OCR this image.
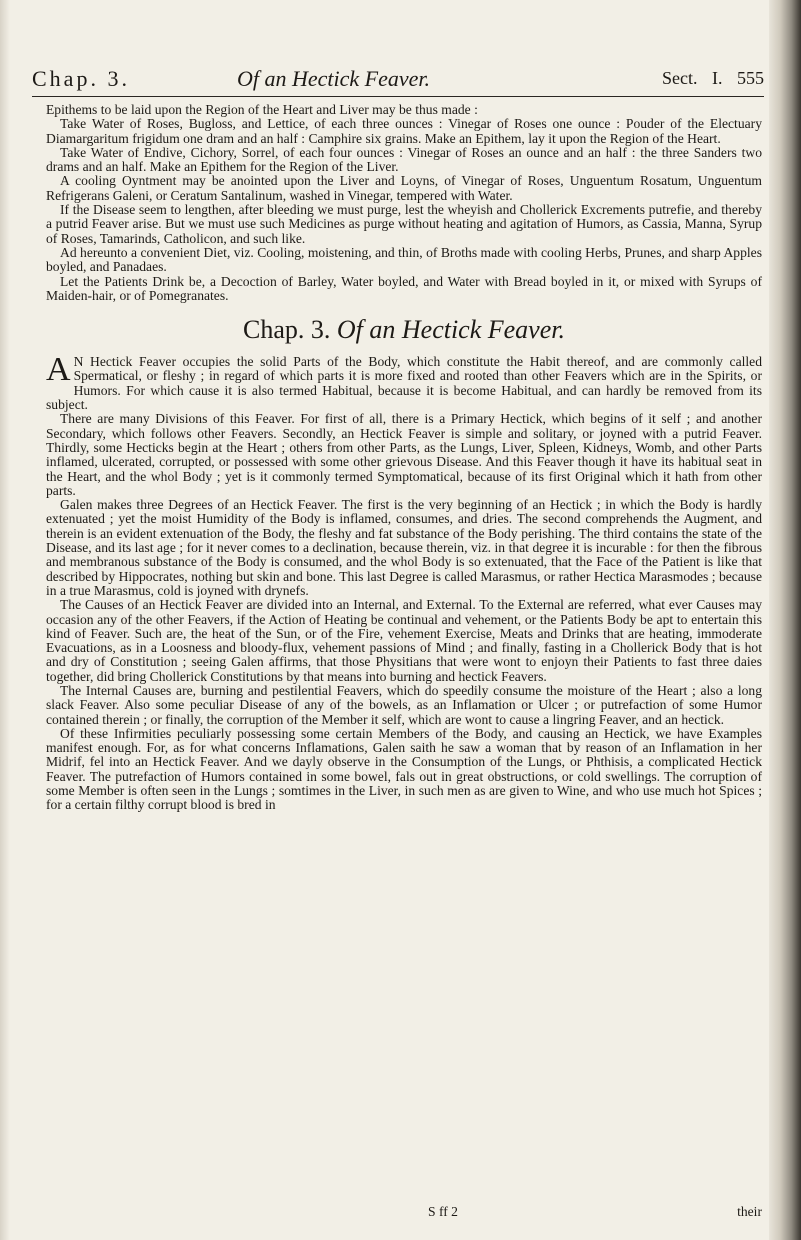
Chap. 3.	Of an Hectick Feaver.	Sect. I. 555

Epithems to be laid upon the Region of the Heart and Liver may be thus made :

Take Water of Roses, Bugloss, and Lettice, of each three ounces : Vinegar of Roses one ounce : Pouder of the Electuary Diamargaritum frigidum one dram and an half : Camphire six grains. Make an Epithem, lay it upon the Region of the Heart.

Take Water of Endive, Cichory, Sorrel, of each four ounces : Vinegar of Roses an ounce and an half : the three Sanders two drams and an half. Make an Epithem for the Region of the Liver.

A cooling Oyntment may be anointed upon the Liver and Loyns, of Vinegar of Roses, Unguentum Rosatum, Unguentum Refrigerans Galeni, or Ceratum Santalinum, washed in Vinegar, tempered with Water.

If the Disease seem to lengthen, after bleeding we must purge, lest the wheyish and Chollerick Excrements putrefie, and thereby a putrid Feaver arise. But we must use such Medicines as purge without heating and agitation of Humors, as Cassia, Manna, Syrup of Roses, Tamarinds, Catholicon, and such like.

Ad hereunto a convenient Diet, viz. Cooling, moistening, and thin, of Broths made with cooling Herbs, Prunes, and sharp Apples boyled, and Panadaes.

Let the Patients Drink be, a Decoction of Barley, Water boyled, and Water with Bread boyled in it, or mixed with Syrups of Maiden-hair, or of Pomegranates.

Chap. 3. Of an Hectick Feaver.

A N Hectick Feaver occupies the solid Parts of the Body, which constitute the Habit thereof, and are commonly called Spermatical, or fleshy ; in regard of which parts it is more fixed and rooted than other Feavers which are in the Spirits, or Humors. For which cause it is also termed Habitual, because it is become Habitual, and can hardly be removed from its subject.

There are many Divisions of this Feaver. For first of all, there is a Primary Hectick, which begins of it self ; and another Secondary, which follows other Feavers. Secondly, an Hectick Feaver is simple and solitary, or joyned with a putrid Feaver. Thirdly, some Hecticks begin at the Heart ; others from other Parts, as the Lungs, Liver, Spleen, Kidneys, Womb, and other Parts inflamed, ulcerated, corrupted, or possessed with some other grievous Disease. And this Feaver though it have its habitual seat in the Heart, and the whol Body ; yet is it commonly termed Symptomatical, because of its first Original which it hath from other parts.

Galen makes three Degrees of an Hectick Feaver. The first is the very beginning of an Hectick ; in which the Body is hardly extenuated ; yet the moist Humidity of the Body is inflamed, consumes, and dries. The second comprehends the Augment, and therein is an evident extenuation of the Body, the fleshy and fat substance of the Body perishing. The third contains the state of the Disease, and its last age ; for it never comes to a declination, because therein, viz. in that degree it is incurable : for then the fibrous and membranous substance of the Body is consumed, and the whol Body is so extenuated, that the Face of the Patient is like that described by Hippocrates, nothing but skin and bone. This last Degree is called Marasmus, or rather Hectica Marasmodes ; because in a true Marasmus, cold is joyned with drynefs.

The Causes of an Hectick Feaver are divided into an Internal, and External. To the External are referred, what ever Causes may occasion any of the other Feavers, if the Action of Heating be continual and vehement, or the Patients Body be apt to entertain this kind of Feaver. Such are, the heat of the Sun, or of the Fire, vehement Exercise, Meats and Drinks that are heating, immoderate Evacuations, as in a Loosness and bloody-flux, vehement passions of Mind ; and finally, fasting in a Chollerick Body that is hot and dry of Constitution ; seeing Galen affirms, that those Physitians that were wont to enjoyn their Patients to fast three daies together, did bring Chollerick Constitutions by that means into burning and hectick Feavers.

The Internal Causes are, burning and pestilential Feavers, which do speedily consume the moisture of the Heart ; also a long slack Feaver. Also some peculiar Disease of any of the bowels, as an Inflamation or Ulcer ; or putrefaction of some Humor contained therein ; or finally, the corruption of the Member it self, which are wont to cause a lingring Feaver, and an hectick.

Of these Infirmities peculiarly possessing some certain Members of the Body, and causing an Hectick, we have Examples manifest enough. For, as for what concerns Inflamations, Galen saith he saw a woman that by reason of an Inflamation in her Midrif, fel into an Hectick Feaver. And we dayly observe in the Consumption of the Lungs, or Phthisis, a complicated Hectick Feaver. The putrefaction of Humors contained in some bowel, fals out in great obstructions, or cold swellings. The corruption of some Member is often seen in the Lungs ; somtimes in the Liver, in such men as are given to Wine, and who use much hot Spices ; for a certain filthy corrupt blood is bred in

S ff 2	their
